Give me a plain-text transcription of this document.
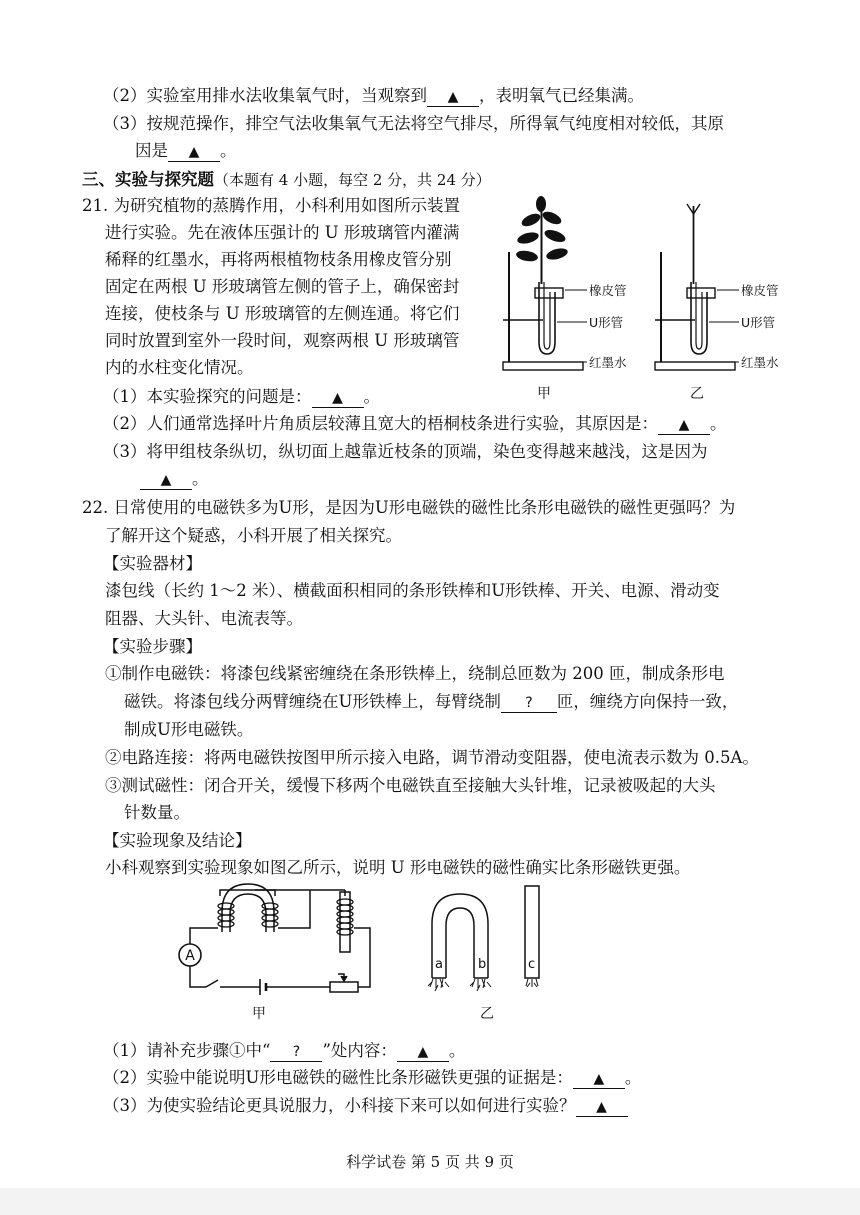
（2）实验室用排水法收集氧气时，当观察到 ▲ ，表明氧气已经集满。
（3）按规范操作，排空气法收集氧气无法将空气排尽，所得氧气纯度相对较低，其原
因是 ▲ 。
三、实验与探究题（本题有 4 小题，每空 2 分，共 24 分）
21. 为研究植物的蒸腾作用，小科利用如图所示装置
进行实验。先在液体压强计的 U 形玻璃管内灌满
稀释的红墨水，再将两根植物枝条用橡皮管分别
固定在两根 U 形玻璃管左侧的管子上，确保密封
连接，使枝条与 U 形玻璃管的左侧连通。将它们
同时放置到室外一段时间，观察两根 U 形玻璃管
内的水柱变化情况。
橡皮管
U形管
红墨水
橡皮管
U形管
红墨水
甲	乙
（1）本实验探究的问题是： ▲ 。
（2）人们通常选择叶片角质层较薄且宽大的梧桐枝条进行实验，其原因是： ▲ 。
（3）将甲组枝条纵切，纵切面上越靠近枝条的顶端，染色变得越来越浅，这是因为
▲ 。
22. 日常使用的电磁铁多为U形，是因为U形电磁铁的磁性比条形电磁铁的磁性更强吗？为
了解开这个疑惑，小科开展了相关探究。
【实验器材】
漆包线（长约 1～2 米）、横截面积相同的条形铁棒和U形铁棒、开关、电源、滑动变
阻器、大头针、电流表等。
【实验步骤】
①制作电磁铁：将漆包线紧密缠绕在条形铁棒上，绕制总匝数为 200 匝，制成条形电
磁铁。将漆包线分两臂缠绕在U形铁棒上，每臂绕制 ? 匝，缠绕方向保持一致，
制成U形电磁铁。
②电路连接：将两电磁铁按图甲所示接入电路，调节滑动变阻器，使电流表示数为 0.5A。
③测试磁性：闭合开关，缓慢下移两个电磁铁直至接触大头针堆，记录被吸起的大头
针数量。
【实验现象及结论】
小科观察到实验现象如图乙所示，说明 U 形电磁铁的磁性确实比条形磁铁更强。
A
甲
a	b	c
乙
（1）请补充步骤①中“ ? ”处内容： ▲ 。
（2）实验中能说明U形电磁铁的磁性比条形磁铁更强的证据是： ▲ 。
（3）为使实验结论更具说服力，小科接下来可以如何进行实验？ ▲
科学试卷 第 5 页 共 9 页
